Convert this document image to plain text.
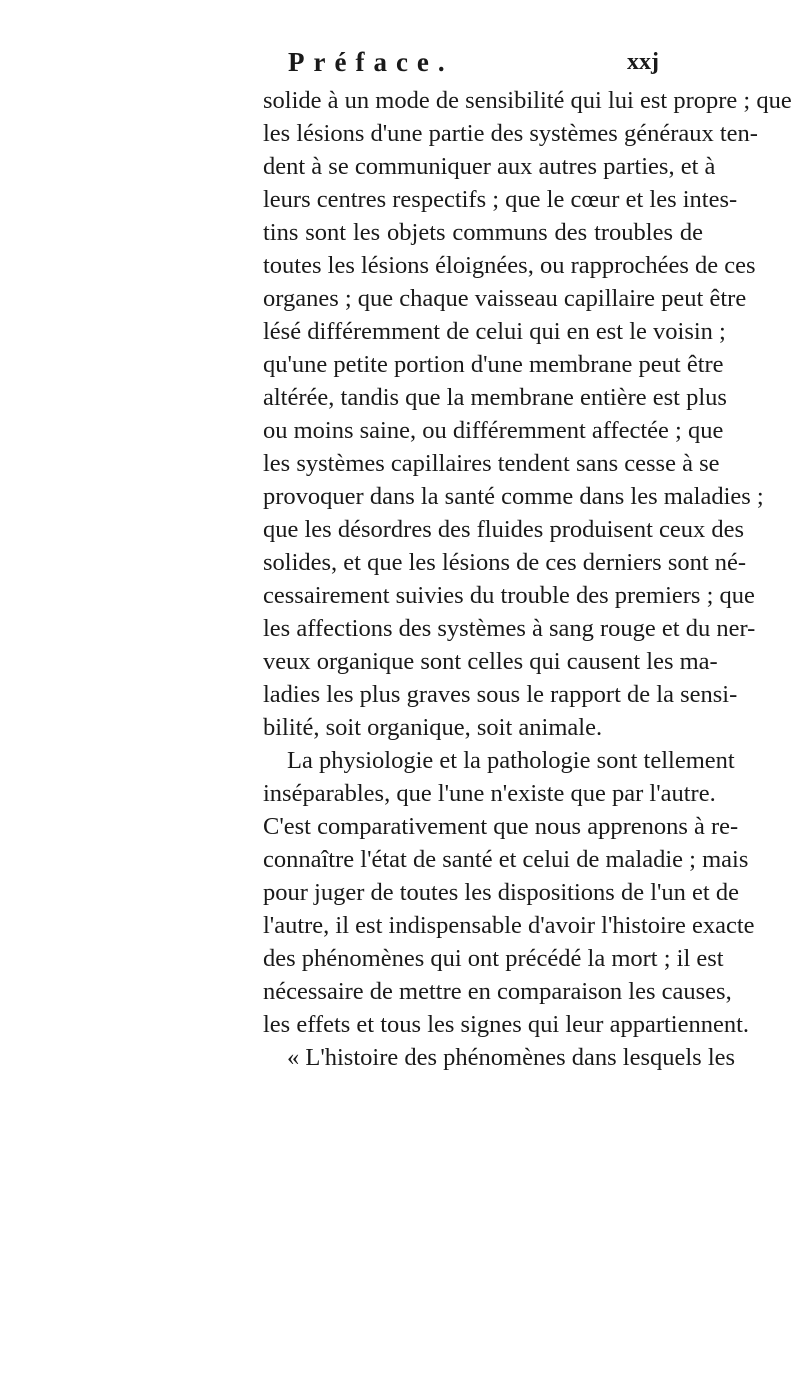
Préface.	xxj
solide à un mode de sensibilité qui lui est propre ; que
les lésions d'une partie des systèmes généraux ten-
dent à se communiquer aux autres parties, et à
leurs centres respectifs ; que le cœur et les intes-
tins sont les objets communs des troubles de
toutes les lésions éloignées, ou rapprochées de ces
organes ; que chaque vaisseau capillaire peut être
lésé différemment de celui qui en est le voisin ;
qu'une petite portion d'une membrane peut être
altérée, tandis que la membrane entière est plus
ou moins saine, ou différemment affectée ; que
les systèmes capillaires tendent sans cesse à se
provoquer dans la santé comme dans les maladies ;
que les désordres des fluides produisent ceux des
solides, et que les lésions de ces derniers sont né-
cessairement suivies du trouble des premiers ; que
les affections des systèmes à sang rouge et du ner-
veux organique sont celles qui causent les ma-
ladies les plus graves sous le rapport de la sensi-
bilité, soit organique, soit animale.
La physiologie et la pathologie sont tellement
inséparables, que l'une n'existe que par l'autre.
C'est comparativement que nous apprenons à re-
connaître l'état de santé et celui de maladie ; mais
pour juger de toutes les dispositions de l'un et de
l'autre, il est indispensable d'avoir l'histoire exacte
des phénomènes qui ont précédé la mort ; il est
nécessaire de mettre en comparaison les causes,
les effets et tous les signes qui leur appartiennent.
« L'histoire des phénomènes dans lesquels les
